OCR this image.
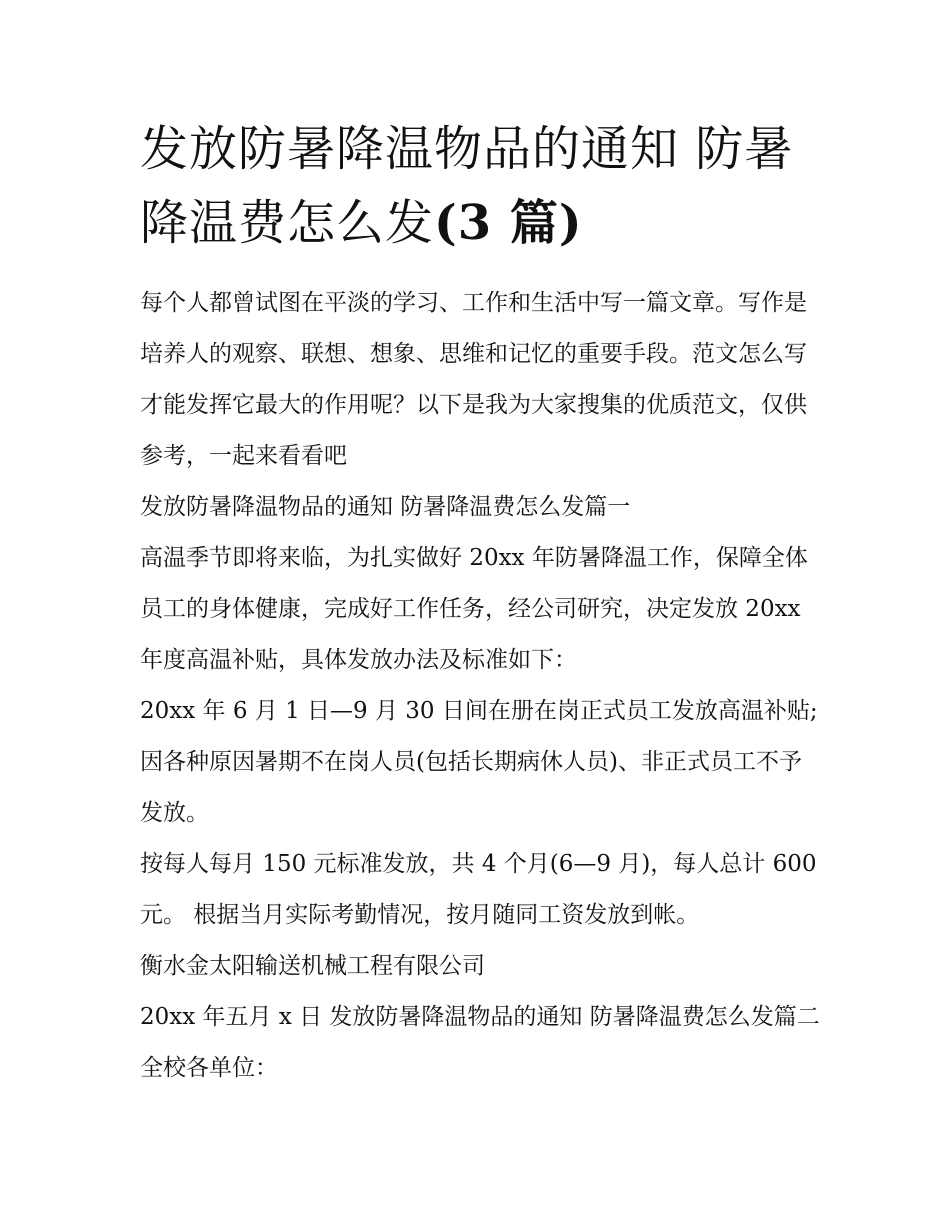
发放防暑降温物品的通知 防暑降温费怎么发(3 篇)

每个人都曾试图在平淡的学习、工作和生活中写一篇文章。写作是培养人的观察、联想、想象、思维和记忆的重要手段。范文怎么写才能发挥它最大的作用呢？以下是我为大家搜集的优质范文，仅供参考，一起来看看吧

发放防暑降温物品的通知 防暑降温费怎么发篇一

高温季节即将来临，为扎实做好 20xx 年防暑降温工作，保障全体员工的身体健康，完成好工作任务，经公司研究，决定发放 20xx 年度高温补贴，具体发放办法及标准如下：

20xx 年 6 月 1 日—9 月 30 日间在册在岗正式员工发放高温补贴;因各种原因暑期不在岗人员(包括长期病休人员)、非正式员工不予发放。

按每人每月 150 元标准发放，共 4 个月(6—9 月)，每人总计 600 元。 根据当月实际考勤情况，按月随同工资发放到帐。

衡水金太阳输送机械工程有限公司

20xx 年五月 x 日 发放防暑降温物品的通知 防暑降温费怎么发篇二 全校各单位：
